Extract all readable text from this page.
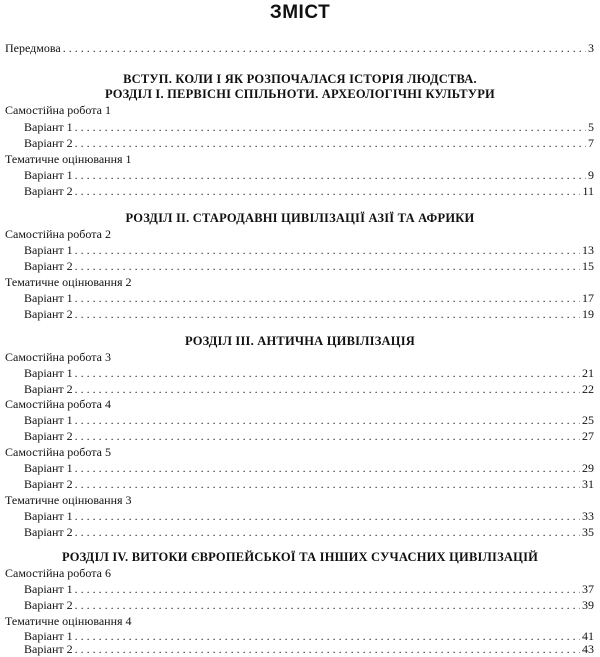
ЗМІСТ
Передмова . . .	3
ВСТУП. КОЛИ І ЯК РОЗПОЧАЛАСЯ ІСТОРІЯ ЛЮДСТВА.
РОЗДІЛ І. ПЕРВІСНІ СПІЛЬНОТИ. АРХЕОЛОГІЧНІ КУЛЬТУРИ
Самостійна робота 1
Варіант 1 . . .	5
Варіант 2 . . .	7
Тематичне оцінювання 1
Варіант 1 . . .	9
Варіант 2 . . .	11
РОЗДІЛ ІІ. СТАРОДАВНІ ЦИВІЛІЗАЦІЇ АЗІЇ ТА АФРИКИ
Самостійна робота 2
Варіант 1 . . .	13
Варіант 2 . . .	15
Тематичне оцінювання 2
Варіант 1 . . .	17
Варіант 2 . . .	19
РОЗДІЛ ІІІ. АНТИЧНА ЦИВІЛІЗАЦІЯ
Самостійна робота 3
Варіант 1 . . .	21
Варіант 2 . . .	22
Самостійна робота 4
Варіант 1 . . .	25
Варіант 2 . . .	27
Самостійна робота 5
Варіант 1 . . .	29
Варіант 2 . . .	31
Тематичне оцінювання 3
Варіант 1 . . .	33
Варіант 2 . . .	35
РОЗДІЛ IV. ВИТОКИ ЄВРОПЕЙСЬКОЇ ТА ІНШИХ СУЧАСНИХ ЦИВІЛІЗАЦІЙ
Самостійна робота 6
Варіант 1 . . .	37
Варіант 2 . . .	39
Тематичне оцінювання 4
Варіант 1 . . .	41
Варіант 2 . . .	43
